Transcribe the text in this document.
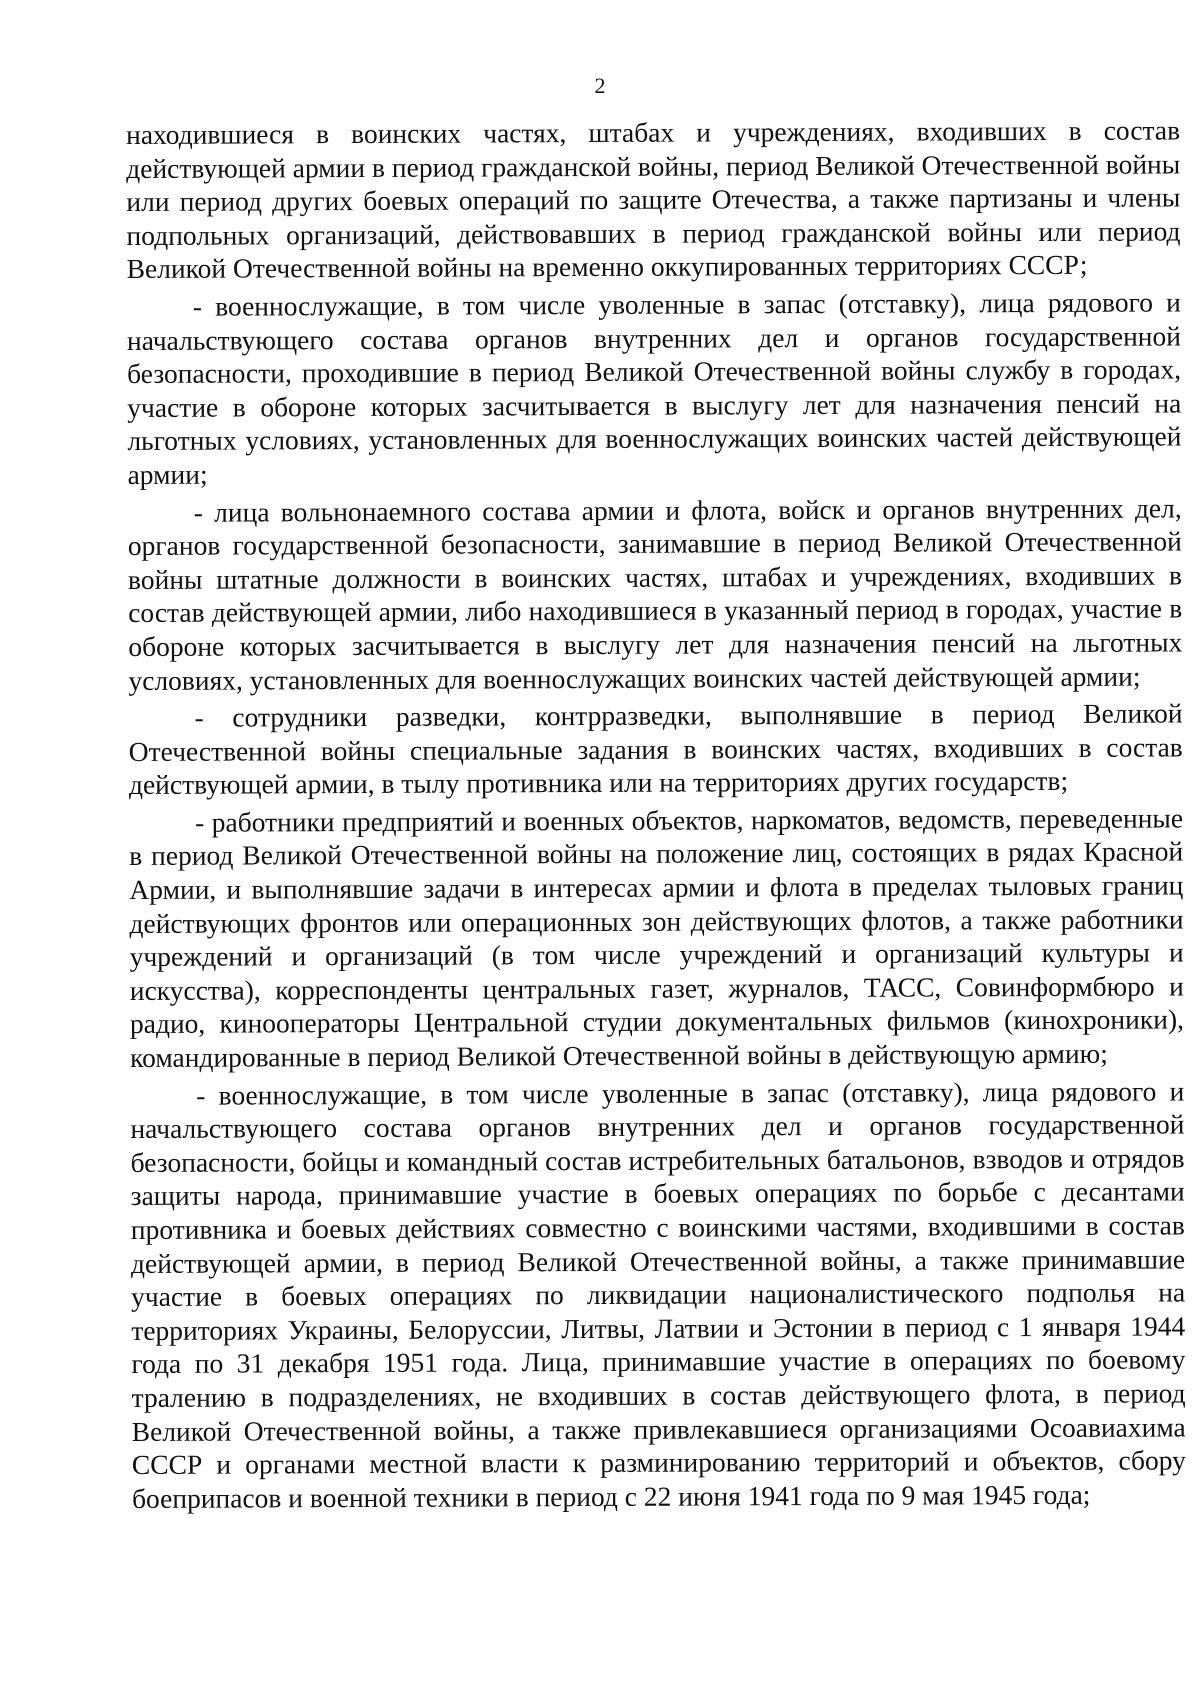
2

находившиеся в воинских частях, штабах и учреждениях, входивших в состав действующей армии в период гражданской войны, период Великой Отечественной войны или период других боевых операций по защите Отечества, а также партизаны и члены подпольных организаций, действовавших в период гражданской войны или период Великой Отечественной войны на временно оккупированных территориях СССР;

- военнослужащие, в том числе уволенные в запас (отставку), лица рядового и начальствующего состава органов внутренних дел и органов государственной безопасности, проходившие в период Великой Отечественной войны службу в городах, участие в обороне которых засчитывается в выслугу лет для назначения пенсий на льготных условиях, установленных для военнослужащих воинских частей действующей армии;

- лица вольнонаемного состава армии и флота, войск и органов внутренних дел, органов государственной безопасности, занимавшие в период Великой Отечественной войны штатные должности в воинских частях, штабах и учреждениях, входивших в состав действующей армии, либо находившиеся в указанный период в городах, участие в обороне которых засчитывается в выслугу лет для назначения пенсий на льготных условиях, установленных для военнослужащих воинских частей действующей армии;

- сотрудники разведки, контрразведки, выполнявшие в период Великой Отечественной войны специальные задания в воинских частях, входивших в состав действующей армии, в тылу противника или на территориях других государств;

- работники предприятий и военных объектов, наркоматов, ведомств, переведенные в период Великой Отечественной войны на положение лиц, состоящих в рядах Красной Армии, и выполнявшие задачи в интересах армии и флота в пределах тыловых границ действующих фронтов или операционных зон действующих флотов, а также работники учреждений и организаций (в том числе учреждений и организаций культуры и искусства), корреспонденты центральных газет, журналов, ТАСС, Совинформбюро и радио, кинооператоры Центральной студии документальных фильмов (кинохроники), командированные в период Великой Отечественной войны в действующую армию;

- военнослужащие, в том числе уволенные в запас (отставку), лица рядового и начальствующего состава органов внутренних дел и органов государственной безопасности, бойцы и командный состав истребительных батальонов, взводов и отрядов защиты народа, принимавшие участие в боевых операциях по борьбе с десантами противника и боевых действиях совместно с воинскими частями, входившими в состав действующей армии, в период Великой Отечественной войны, а также принимавшие участие в боевых операциях по ликвидации националистического подполья на территориях Украины, Белоруссии, Литвы, Латвии и Эстонии в период с 1 января 1944 года по 31 декабря 1951 года. Лица, принимавшие участие в операциях по боевому тралению в подразделениях, не входивших в состав действующего флота, в период Великой Отечественной войны, а также привлекавшиеся организациями Осоавиахима СССР и органами местной власти к разминированию территорий и объектов, сбору боеприпасов и военной техники в период с 22 июня 1941 года по 9 мая 1945 года;
